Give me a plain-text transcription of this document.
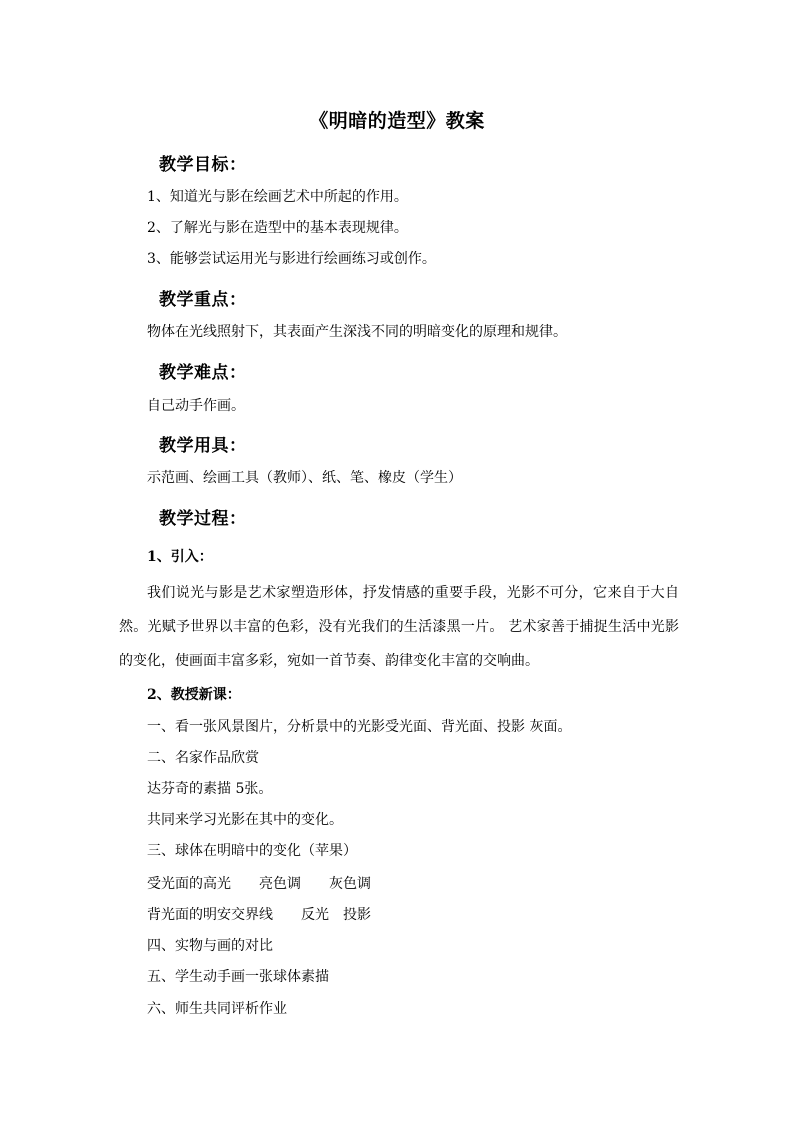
《明暗的造型》教案
教学目标：
1、知道光与影在绘画艺术中所起的作用。
2、了解光与影在造型中的基本表现规律。
3、能够尝试运用光与影进行绘画练习或创作。
教学重点：
物体在光线照射下，其表面产生深浅不同的明暗变化的原理和规律。
教学难点：
自己动手作画。
教学用具：
示范画、绘画工具（教师）、纸、笔、橡皮（学生）
教学过程：
1、引入：

我们说光与影是艺术家塑造形体，抒发情感的重要手段，光影不可分，它来自于大自然。光赋予世界以丰富的色彩，没有光我们的生活漆黑一片。 艺术家善于捕捉生活中光影的变化，使画面丰富多彩，宛如一首节奏、韵律变化丰富的交响曲。

2、教授新课：
一、看一张风景图片，分析景中的光影受光面、背光面、投影 灰面。
二、名家作品欣赏
达芬奇的素描 5张。
共同来学习光影在其中的变化。
三、球体在明暗中的变化（苹果）
受光面的高光　　亮色调　　灰色调
背光面的明安交界线　　反光　投影
四、实物与画的对比
五、学生动手画一张球体素描
六、师生共同评析作业
